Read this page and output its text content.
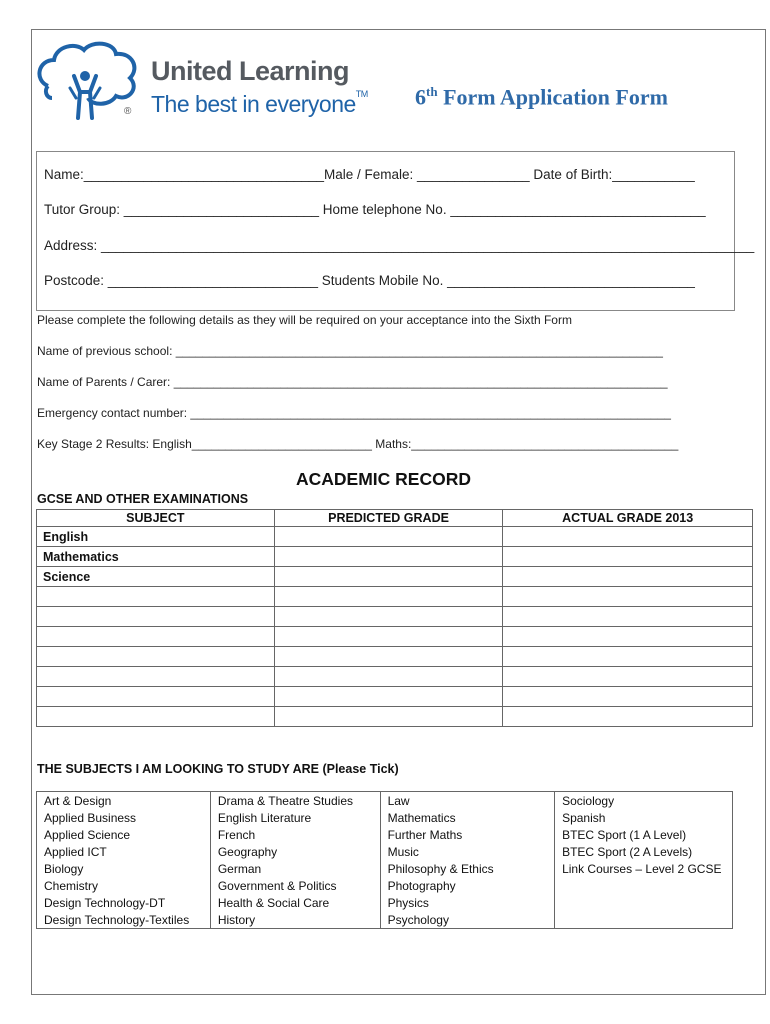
United Learning
The best in everyone™
®
6th Form Application Form
Name:________________________________Male / Female: _______________ Date of Birth:___________
Tutor Group: __________________________ Home telephone No. __________________________________
Address: _______________________________________________________________________________________
Postcode: ____________________________ Students Mobile No. _________________________________
Please complete the following details as they will be required on your acceptance into the Sixth Form
Name of previous school: _________________________________________________________________________
Name of Parents / Carer: __________________________________________________________________________
Emergency contact number: ________________________________________________________________________
Key Stage 2 Results: English___________________________ Maths:________________________________________
ACADEMIC RECORD
GCSE AND OTHER EXAMINATIONS
SUBJECT	PREDICTED GRADE	ACTUAL GRADE 2013
English		
Mathematics		
Science		

THE SUBJECTS I AM LOOKING TO STUDY ARE (Please Tick)
Art & Design	Drama & Theatre Studies	Law	Sociology
Applied Business	English Literature	Mathematics	Spanish
Applied Science	French	Further Maths	BTEC Sport (1 A Level)
Applied ICT	Geography	Music	BTEC Sport (2 A Levels)
Biology	German	Philosophy & Ethics	Link Courses – Level 2 GCSE
Chemistry	Government & Politics	Photography	
Design Technology-DT	Health & Social Care	Physics	
Design Technology-Textiles	History	Psychology	
